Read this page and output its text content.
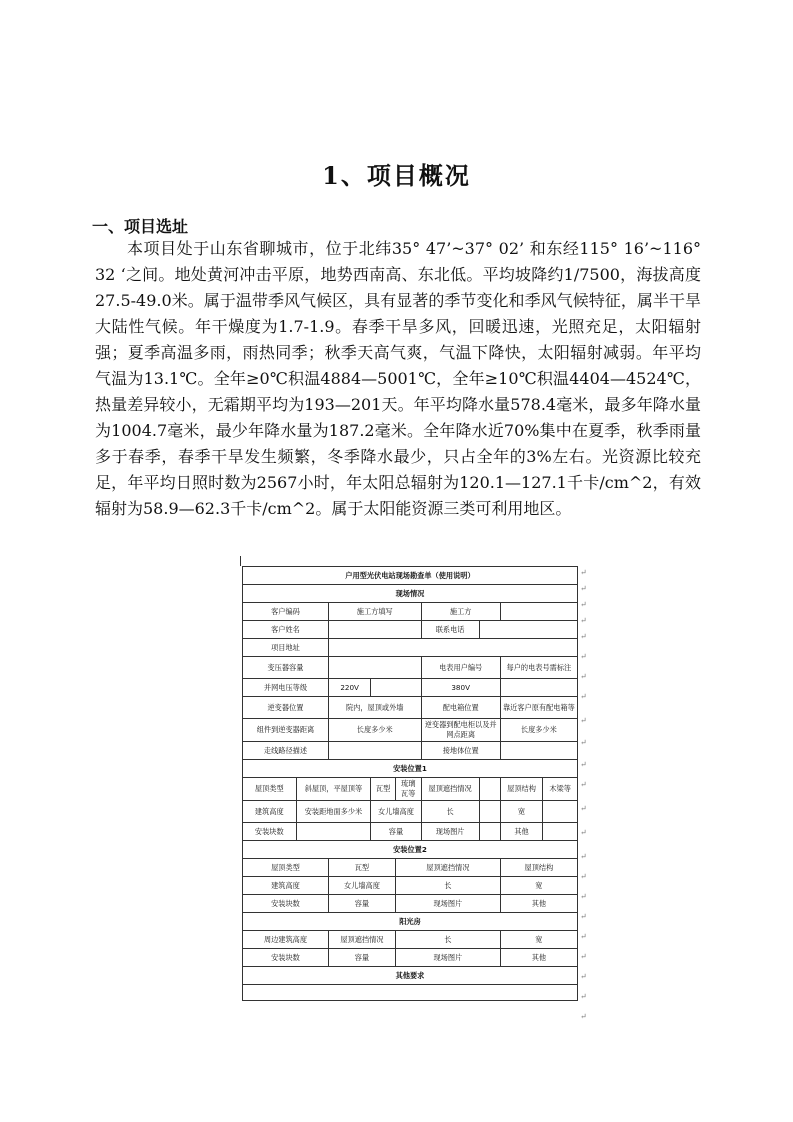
1、项目概况
一、项目选址
本项目处于山东省聊城市，位于北纬35° 47’~37° 02’ 和东经115° 16’~116° 32 ‘之间。地处黄河冲击平原，地势西南高、东北低。平均坡降约1/7500，海拔高度27.5-49.0米。属于温带季风气候区，具有显著的季节变化和季风气候特征，属半干旱大陆性气候。年干燥度为1.7-1.9。春季干旱多风，回暖迅速，光照充足，太阳辐射强；夏季高温多雨，雨热同季；秋季天高气爽，气温下降快，太阳辐射减弱。年平均气温为13.1℃。全年≥0℃积温4884—5001℃，全年≥10℃积温4404—4524℃，热量差异较小，无霜期平均为193—201天。年平均降水量578.4毫米，最多年降水量为1004.7毫米，最少年降水量为187.2毫米。全年降水近70%集中在夏季，秋季雨量多于春季，春季干旱发生频繁，冬季降水最少，只占全年的3%左右。光资源比较充足，年平均日照时数为2567小时，年太阳总辐射为120.1—127.1千卡/cm^2，有效辐射为58.9—62.3千卡/cm^2。属于太阳能资源三类可利用地区。
户用型光伏电站现场勘查单（使用说明）								
现场情况								
客户编码		施工方填写			施工方			
客户姓名					联系电话			
项目地址								
变压器容量					电表用户编号		每户的电表号需标注	
并网电压等级		220V			380V			
逆变器位置		院内，屋顶或外墙			配电箱位置		靠近客户原有配电箱等	
组件到逆变器距离		长度多少米			逆变器到配电柜以及并网点距离		长度多少米	
走线路径描述					接地体位置			
安装位置1								
屋顶类型	斜屋顶，平屋顶等		瓦型	琉璃瓦等	屋顶遮挡情况		屋顶结构	木梁等
建筑高度	安装距地面多少米		女儿墙高度		长		宽	
安装块数			容量		现场图片		其他	
安装位置2								
屋顶类型		瓦型		屋顶遮挡情况			屋顶结构	
建筑高度		女儿墙高度		长			宽	
安装块数		容量		现场图片			其他	
阳光房								
周边建筑高度		屋顶遮挡情况		长			宽	
安装块数		容量		现场图片			其他	
其他要求								

↵
↵
↵
↵
↵
↵
↵
↵
↵
↵
↵
↵
↵
↵
↵
↵
↵
↵
↵
↵
↵
↵
↵
